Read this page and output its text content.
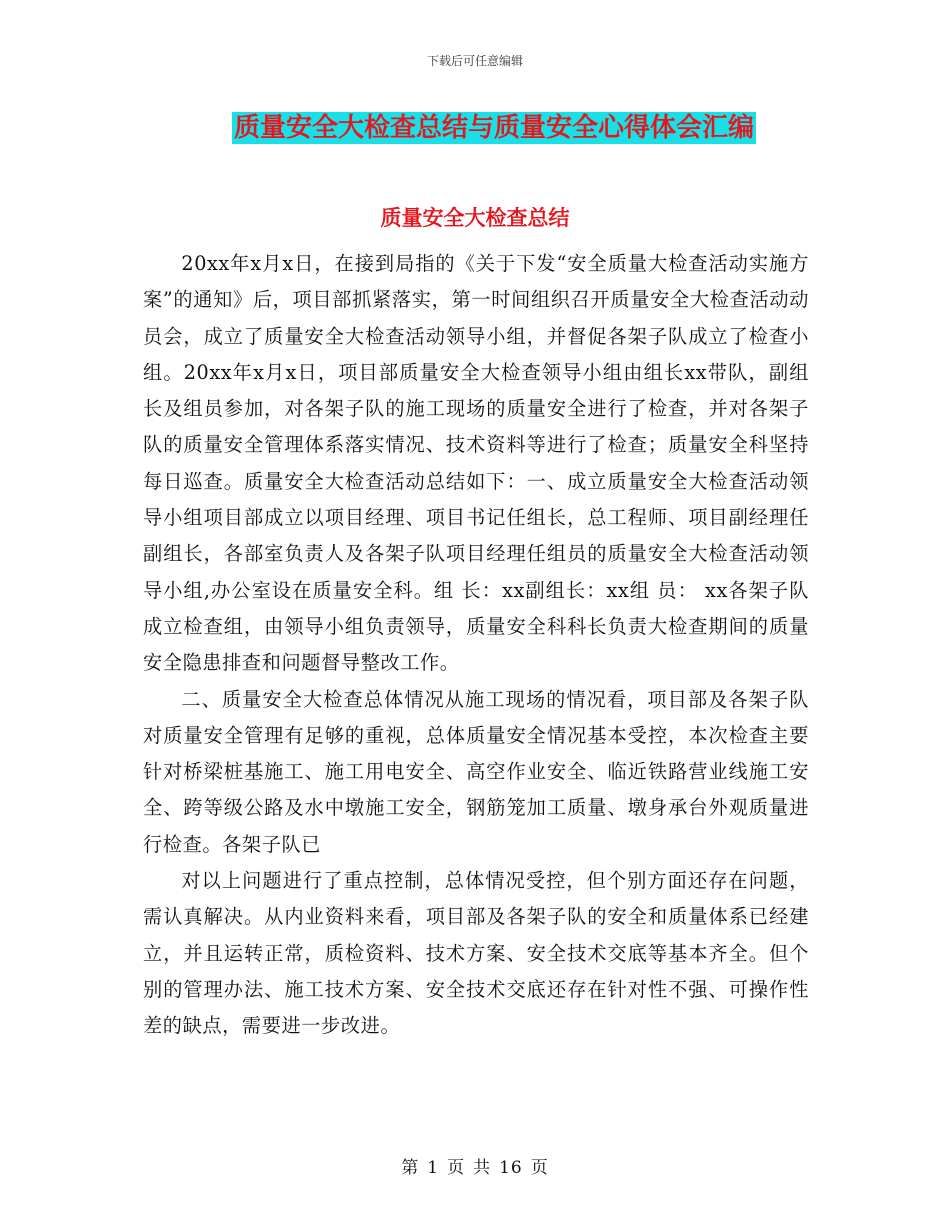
下载后可任意编辑
质量安全大检查总结与质量安全心得体会汇编
质量安全大检查总结

20xx年x月x日，在接到局指的《关于下发“安全质量大检查活动实施方案”的通知》后，项目部抓紧落实，第一时间组织召开质量安全大检查活动动员会，成立了质量安全大检查活动领导小组，并督促各架子队成立了检查小组。20xx年x月x日，项目部质量安全大检查领导小组由组长xx带队，副组长及组员参加，对各架子队的施工现场的质量安全进行了检查，并对各架子队的质量安全管理体系落实情况、技术资料等进行了检查；质量安全科坚持每日巡查。质量安全大检查活动总结如下：一、成立质量安全大检查活动领导小组项目部成立以项目经理、项目书记任组长，总工程师、项目副经理任副组长，各部室负责人及各架子队项目经理任组员的质量安全大检查活动领导小组,办公室设在质量安全科。组 长：xx副组长：xx组 员： xx各架子队成立检查组，由领导小组负责领导，质量安全科科长负责大检查期间的质量安全隐患排查和问题督导整改工作。

二、质量安全大检查总体情况从施工现场的情况看，项目部及各架子队对质量安全管理有足够的重视，总体质量安全情况基本受控，本次检查主要针对桥梁桩基施工、施工用电安全、高空作业安全、临近铁路营业线施工安全、跨等级公路及水中墩施工安全，钢筋笼加工质量、墩身承台外观质量进行检查。各架子队已

对以上问题进行了重点控制，总体情况受控，但个别方面还存在问题，需认真解决。从内业资料来看，项目部及各架子队的安全和质量体系已经建立，并且运转正常，质检资料、技术方案、安全技术交底等基本齐全。但个别的管理办法、施工技术方案、安全技术交底还存在针对性不强、可操作性差的缺点，需要进一步改进。

第 1 页 共 16 页
